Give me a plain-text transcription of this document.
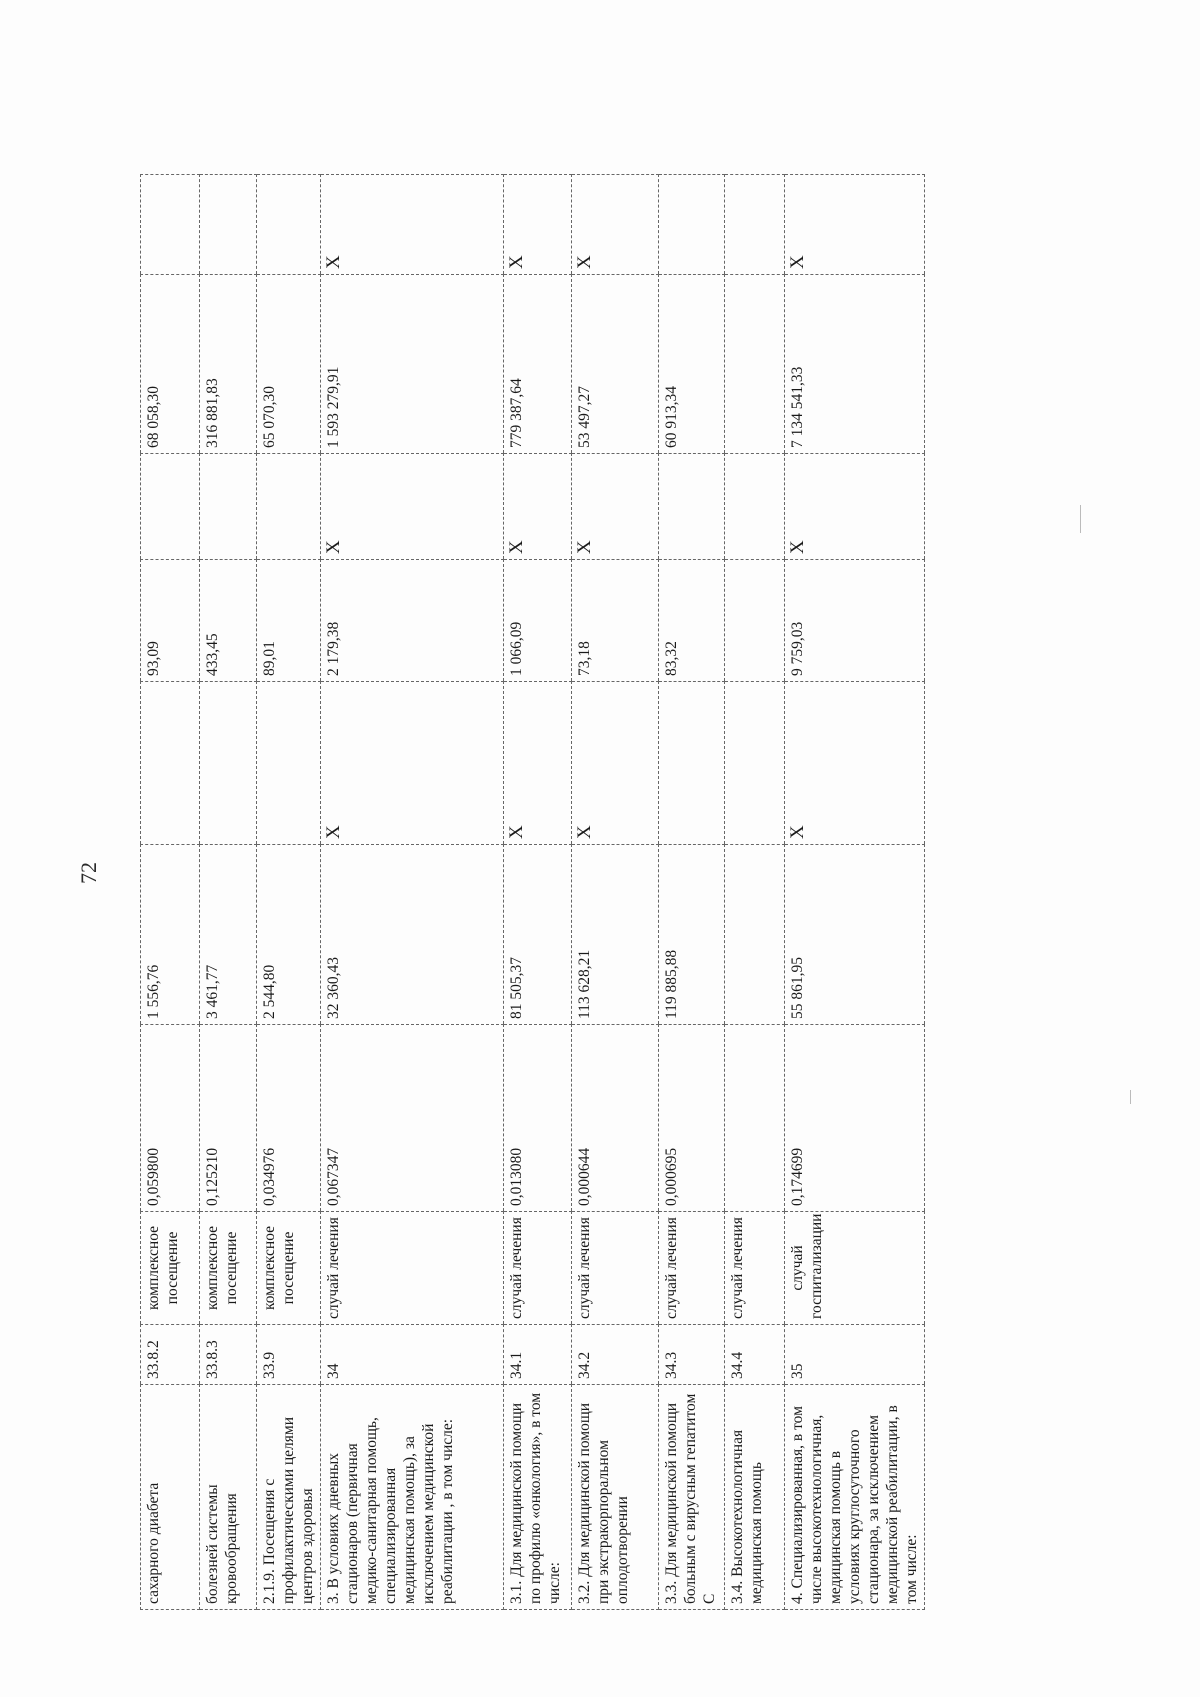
72
сахарного диабета	33.8.2	комплексное посещение	0,059800	1 556,76		93,09		68 058,30	
болезней системы кровообращения	33.8.3	комплексное посещение	0,125210	3 461,77		433,45		316 881,83	
2.1.9. Посещения с профилактическими целями центров здоровья	33.9	комплексное посещение	0,034976	2 544,80		89,01		65 070,30	
3. В условиях дневных стационаров (первичная медико-санитарная помощь, специализированная медицинская помощь), за исключением медицинской реабилитации , в том числе:	34	случай лечения	0,067347	32 360,43	X	2 179,38	X	1 593 279,91	X
3.1. Для медицинской помощи по профилю «онкология», в том числе:	34.1	случай лечения	0,013080	81 505,37	X	1 066,09	X	779 387,64	X
3.2. Для медицинской помощи при экстракорпоральном оплодотворении	34.2	случай лечения	0,000644	113 628,21	X	73,18	X	53 497,27	X
3.3. Для медицинской помощи больным с вирусным гепатитом С	34.3	случай лечения	0,000695	119 885,88		83,32		60 913,34	
3.4. Высокотехнологичная медицинская помощь	34.4	случай лечения							
4. Специализированная, в том числе высокотехнологичная, медицинская помощь в условиях круглосуточного стационара, за исключением медицинской реабилитации, в том числе:	35	случай госпитализации	0,174699	55 861,95	X	9 759,03	X	7 134 541,33	X
